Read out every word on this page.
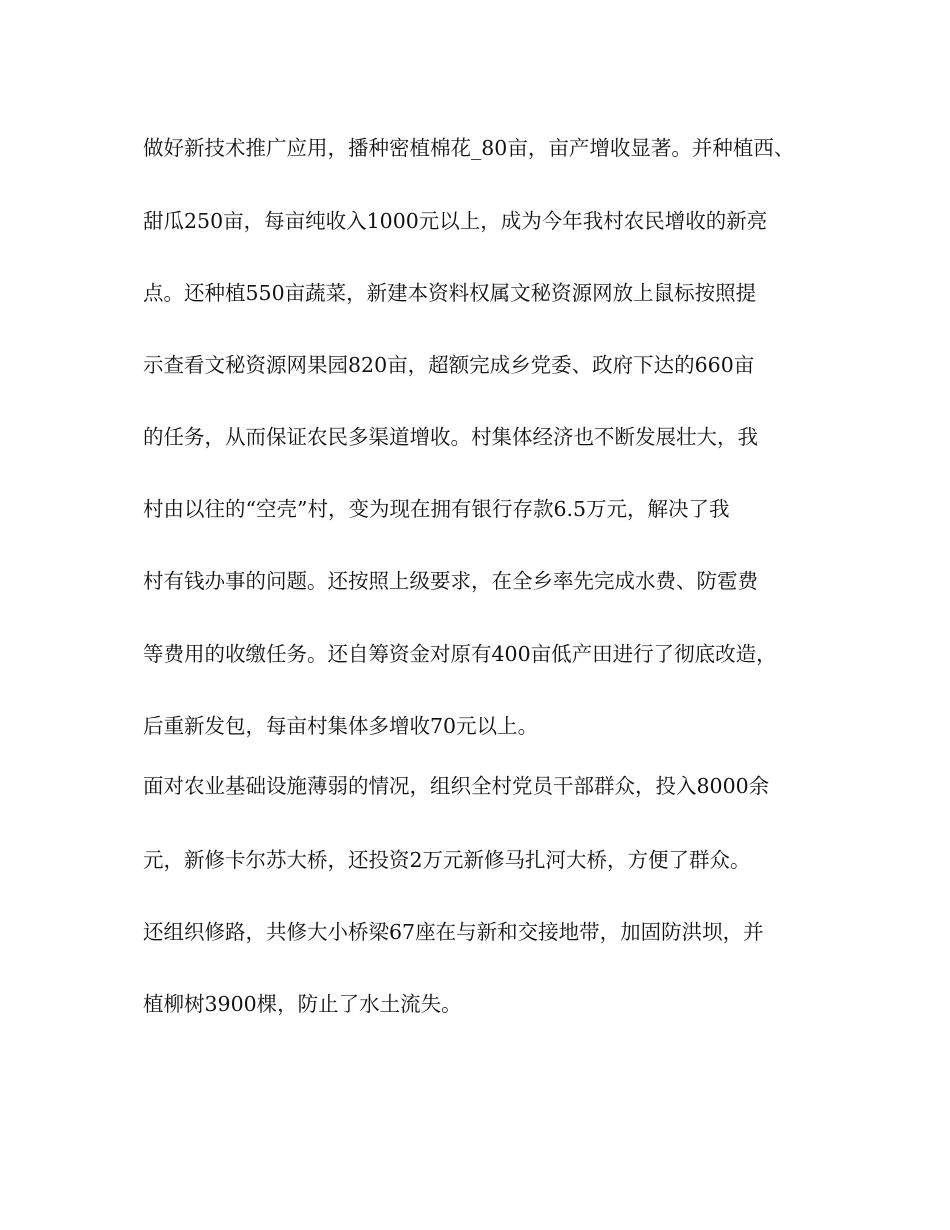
做好新技术推广应用，播种密植棉花_80亩，亩产增收显著。并种植西、
甜瓜250亩，每亩纯收入1000元以上，成为今年我村农民增收的新亮
点。还种植550亩蔬菜，新建本资料权属文秘资源网放上鼠标按照提
示查看文秘资源网果园820亩，超额完成乡党委、政府下达的660亩
的任务，从而保证农民多渠道增收。村集体经济也不断发展壮大，我
村由以往的“空壳”村，变为现在拥有银行存款6.5万元，解决了我
村有钱办事的问题。还按照上级要求，在全乡率先完成水费、防雹费
等费用的收缴任务。还自筹资金对原有400亩低产田进行了彻底改造，
后重新发包，每亩村集体多增收70元以上。
面对农业基础设施薄弱的情况，组织全村党员干部群众，投入8000余
元，新修卡尔苏大桥，还投资2万元新修马扎河大桥，方便了群众。
还组织修路，共修大小桥梁67座在与新和交接地带，加固防洪坝，并
植柳树3900棵，防止了水土流失。
